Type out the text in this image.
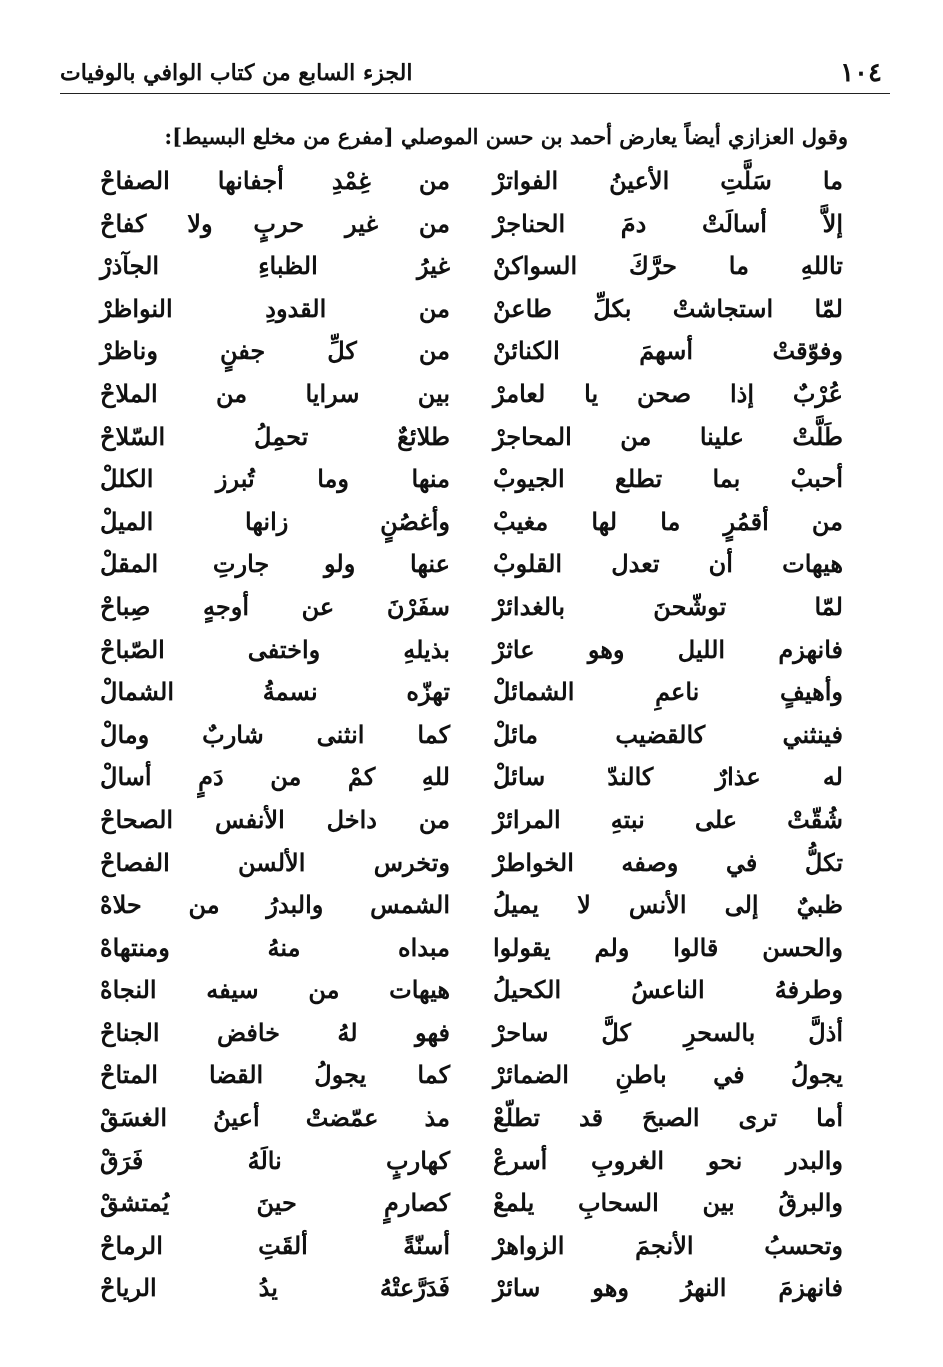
١٠٤
الجزء السابع من كتاب الوافي بالوفيات
وقول العزازي أيضاً يعارض أحمد بن حسن الموصلي [مفرع من مخلع البسيط]:
ما سَلَّتِ الأعينُ الفواترْ
من غِمْدِ أجفانها الصفاحْ
إلاَّ أسالَتْ دمَ الحناجرْ
من غير حربٍ ولا كفاحْ
تاللهِ ما حرَّكَ السواكنْ
غيرُ الظباءِ الجآذرْ
لمّا استجاشتْ بكلِّ طاعنْ
من القدودِ النواظرْ
وفوّقتْ أسهمَ الكنائنْ
من كلِّ جفنٍ وناظرْ
عُرْبٌ إذا صحن يا لعامرْ
بين سرايا من الملاحْ
طَلَّتْ علينا من المحاجرْ
طلائعٌ تحمِلُ السّلاحْ
أحببْ بما تطلع الجيوبْ
منها وما تُبرز الكللْ
من أقمُرٍ ما لها مغيبْ
وأغصُنٍ زانها الميلْ
هيهات أن تعدل القلوبْ
عنها ولو جارتِ المقلْ
لمّا توشّحنَ بالغدائرْ
سفَرْنَ عن أوجهٍ صِباحْ
فانهزم الليل وهو عاثرْ
بذيلهِ واختفى الصّباحْ
وأهيفٍ ناعمِ الشمائلْ
تهزّه نسمةُ الشمالْ
فينثني كالقضيب مائلْ
كما انثنى شاربٌ ومالْ
له عذارٌ كالندّ سائلْ
للهِ كمْ من دَمٍ أسالْ
شُقّتْ على نبتهِ المرائرْ
من داخل الأنفس الصحاحْ
تكلُّ في وصفه الخواطرْ
وتخرس الألسن الفصاحْ
ظبيٌ إلى الأنس لا يميلُ
الشمس والبدرُ من حلاهْ
والحسن قالوا ولم يقولوا
مبداه منهُ ومنتهاهْ
وطرفهُ الناعسُ الكحيلُ
هيهات من سيفه النجاهْ
أذلَّ بالسحرِ كلَّ ساحرْ
فهو لهُ خافض الجناحْ
يجولُ في باطنِ الضمائرْ
كما يجولُ القضا المتاحْ
أما ترى الصبحَ قد تطلّعْ
مذ عمّضتْ أعينُ الغسَقْ
والبدر نحو الغروبِ أسرعْ
كهاربٍ نالَهُ فَرَقْ
والبرقُ بين السحابِ يلمعْ
كصارمٍ حينَ يُمتشقْ
وتحسبُ الأنجمَ الزواهرْ
أسنّةً ألقَتِ الرماحْ
فانهزمَ النهرُ وهو سائرْ
فَدَرَّعتْهُ يدُ الرياحْ
